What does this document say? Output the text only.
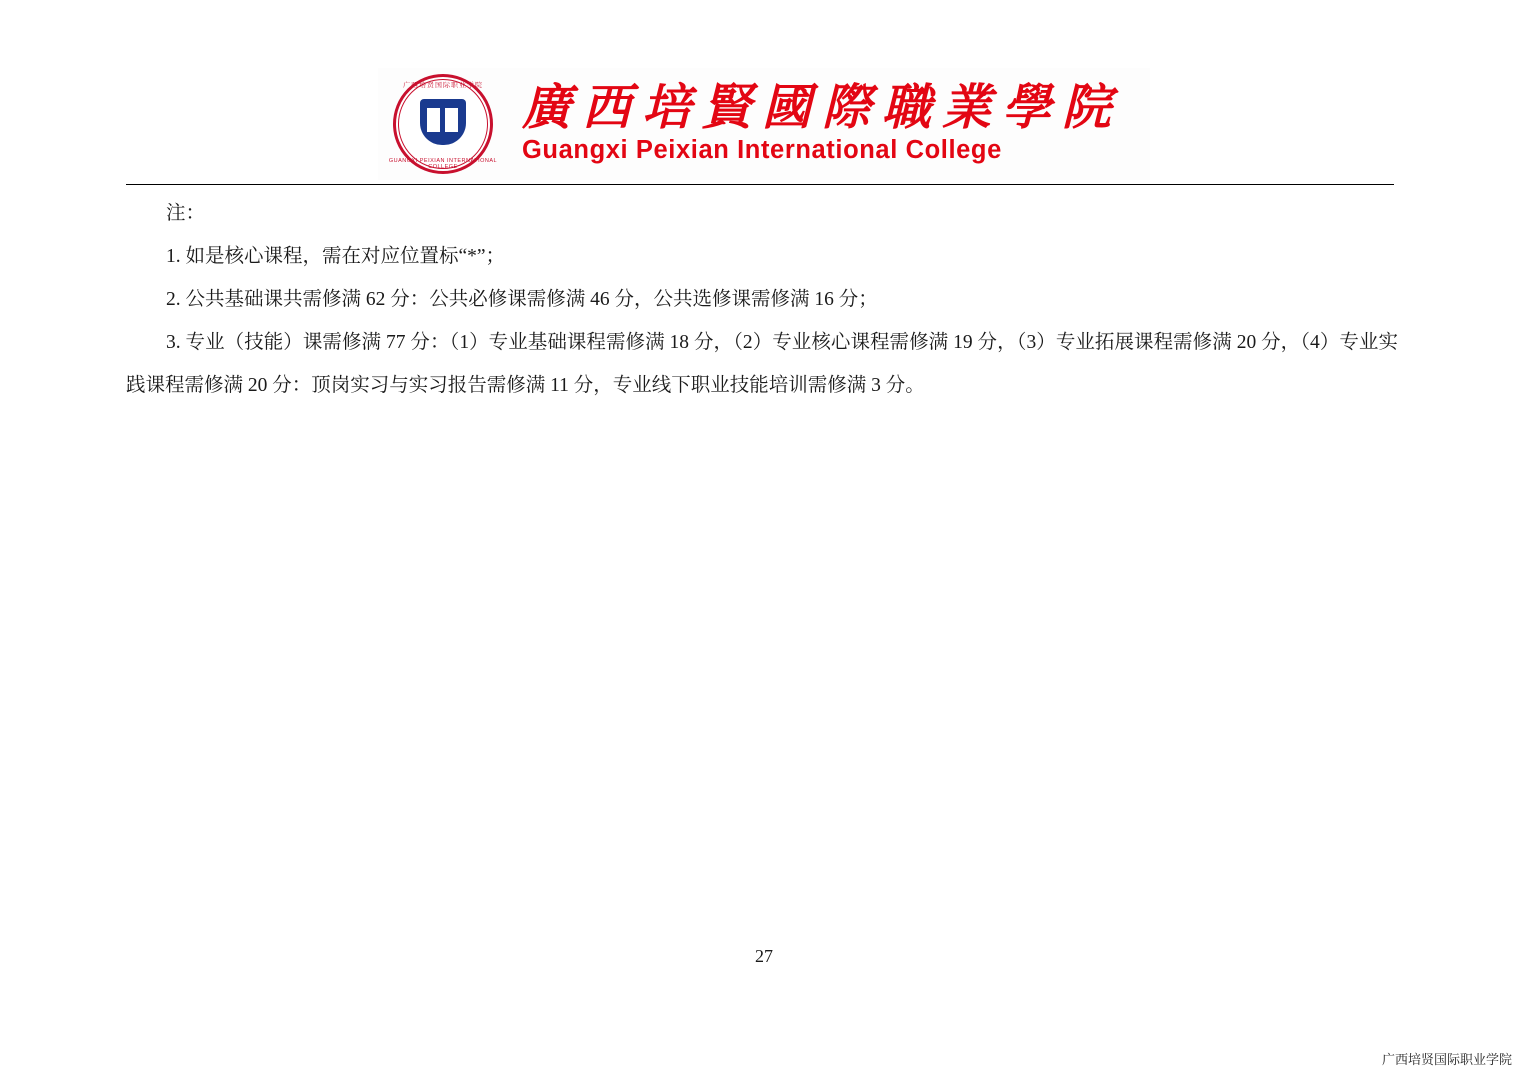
广西培贤国际职业学院
GUANGXI PEIXIAN INTERNATIONAL COLLEGE
廣西培賢國際職業學院
Guangxi Peixian International College
注：
1. 如是核心课程，需在对应位置标“*”；
2. 公共基础课共需修满 62 分：公共必修课需修满 46 分，公共选修课需修满 16 分；
3. 专业（技能）课需修满 77 分：（1）专业基础课程需修满 18 分，（2）专业核心课程需修满 19 分，（3）专业拓展课程需修满 20 分，（4）专业实践课程需修满 20 分：顶岗实习与实习报告需修满 11 分，专业线下职业技能培训需修满 3 分。
27
广西培贤国际职业学院
